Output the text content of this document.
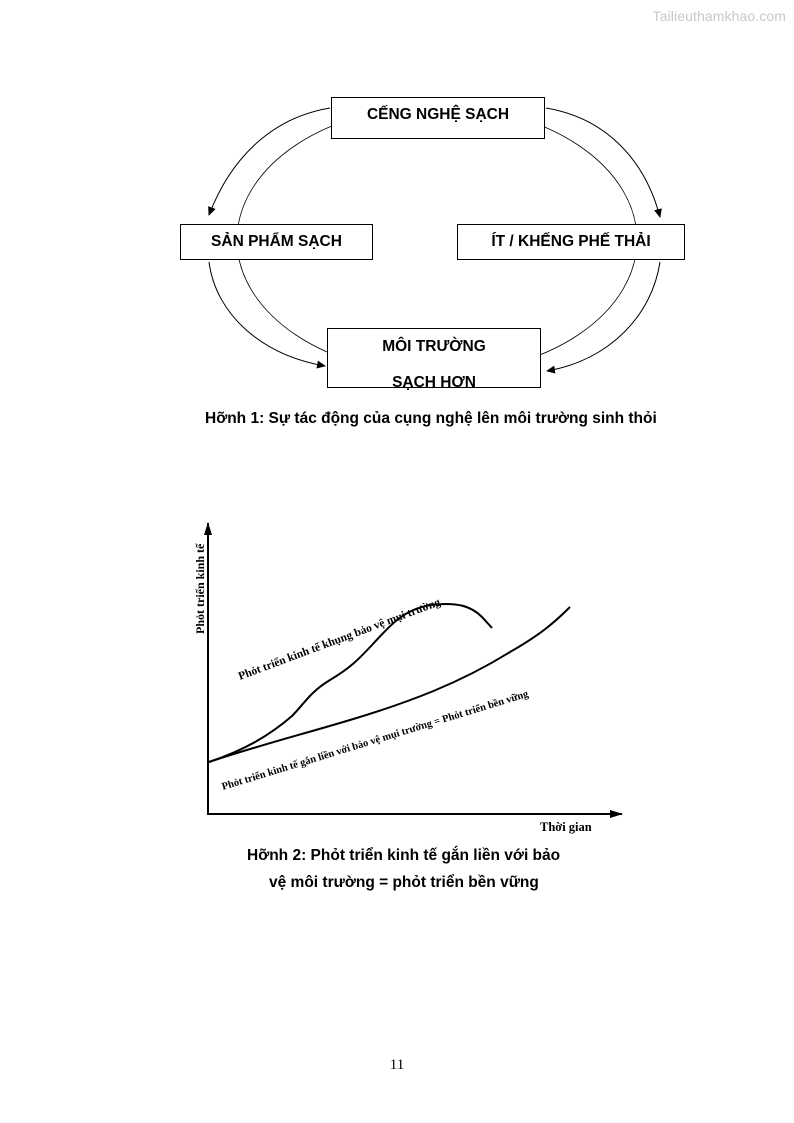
Tailieuthamkhao.com
CẾNG NGHỆ SẠCH
SẢN PHẨM SẠCH	ÍT / KHẾNG PHẾ THẢI
MÔI TRƯỜNG
SẠCH HƠN
Hỡnh 1: Sự tác động của cụng nghệ lên môi trường sinh thỏi
Phỏt triển kinh tế
Thời gian
Phỏt triển kinh tế khụng bảo vệ mụi trường
Phỏt triển kinh tế gắn liền với bảo vệ mụi trường = Phỏt triển bền vững
Hỡnh 2: Phỏt triển kinh tế gắn liền với bảo
vệ môi trường = phỏt triển bền vững
11
